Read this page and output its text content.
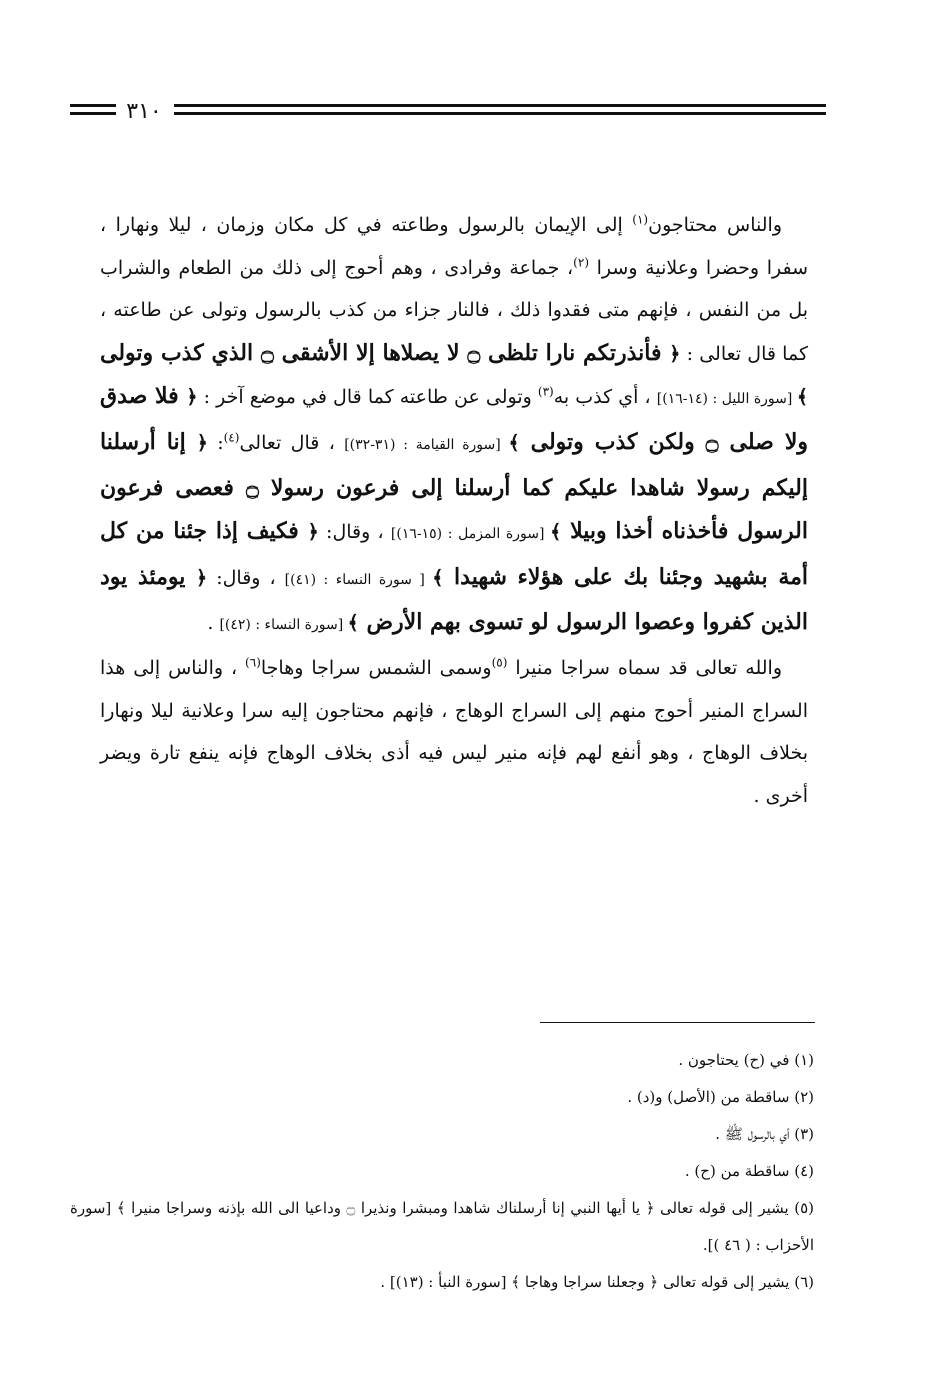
٣١٠

والناس محتاجون$^{(١)}$ إلى الإيمان بالرسول وطاعته في كل مكان وزمان ، ليلا ونهارا ، سفرا وحضرا وعلانية وسرا $^{(٢)}$، جماعة وفرادى ، وهم أحوج إلى ذلك من الطعام والشراب بل من النفس ، فإنهم متى فقدوا ذلك ، فالنار جزاء من كذب بالرسول وتولى عن طاعته ، كما قال تعالى : ﴿ فأنذرتكم نارا تلظى ۝ لا يصلاها إلا الأشقى ۝ الذي كذب وتولى ﴾ [سورة الليل : (١٤-١٦)] ، أي كذب به$^{(٣)}$ وتولى عن طاعته كما قال في موضع آخر : ﴿ فلا صدق ولا صلى ۝ ولكن كذب وتولى ﴾ [سورة القيامة : (٣١-٣٢)] ، قال تعالى$^{(٤)}$: ﴿ إنا أرسلنا إليكم رسولا شاهدا عليكم كما أرسلنا إلى فرعون رسولا ۝ فعصى فرعون الرسول فأخذناه أخذا وبيلا ﴾ [سورة المزمل : (١٥-١٦)] ، وقال: ﴿ فكيف إذا جئنا من كل أمة بشهيد وجئنا بك على هؤلاء شهيدا ﴾ [ سورة النساء : (٤١)] ، وقال: ﴿ يومئذ يود الذين كفروا وعصوا الرسول لو تسوى بهم الأرض ﴾ [سورة النساء : (٤٢)] .

والله تعالى قد سماه سراجا منيرا $^{(٥)}$وسمى الشمس سراجا وهاجا$^{(٦)}$ ، والناس إلى هذا السراج المنير أحوج منهم إلى السراج الوهاج ، فإنهم محتاجون إليه سرا وعلانية ليلا ونهارا بخلاف الوهاج ، وهو أنفع لهم فإنه منير ليس فيه أذى بخلاف الوهاج فإنه ينفع تارة ويضر أخرى .

(١) في (ح) يحتاجون .

(٢) ساقطة من (الأصل) و(د) .

(٣) أي بالرسول ﷺ .

(٤) ساقطة من (ح) .

(٥) يشير إلى قوله تعالى ﴿ يا أيها النبي إنا أرسلناك شاهدا ومبشرا ونذيرا ۝ وداعيا الى الله بإذنه وسراجا منيرا ﴾ [سورة الأحزاب : ( ٤٦ )].

(٦) يشير إلى قوله تعالى ﴿ وجعلنا سراجا وهاجا ﴾ [سورة النبأ : (١٣)] .
